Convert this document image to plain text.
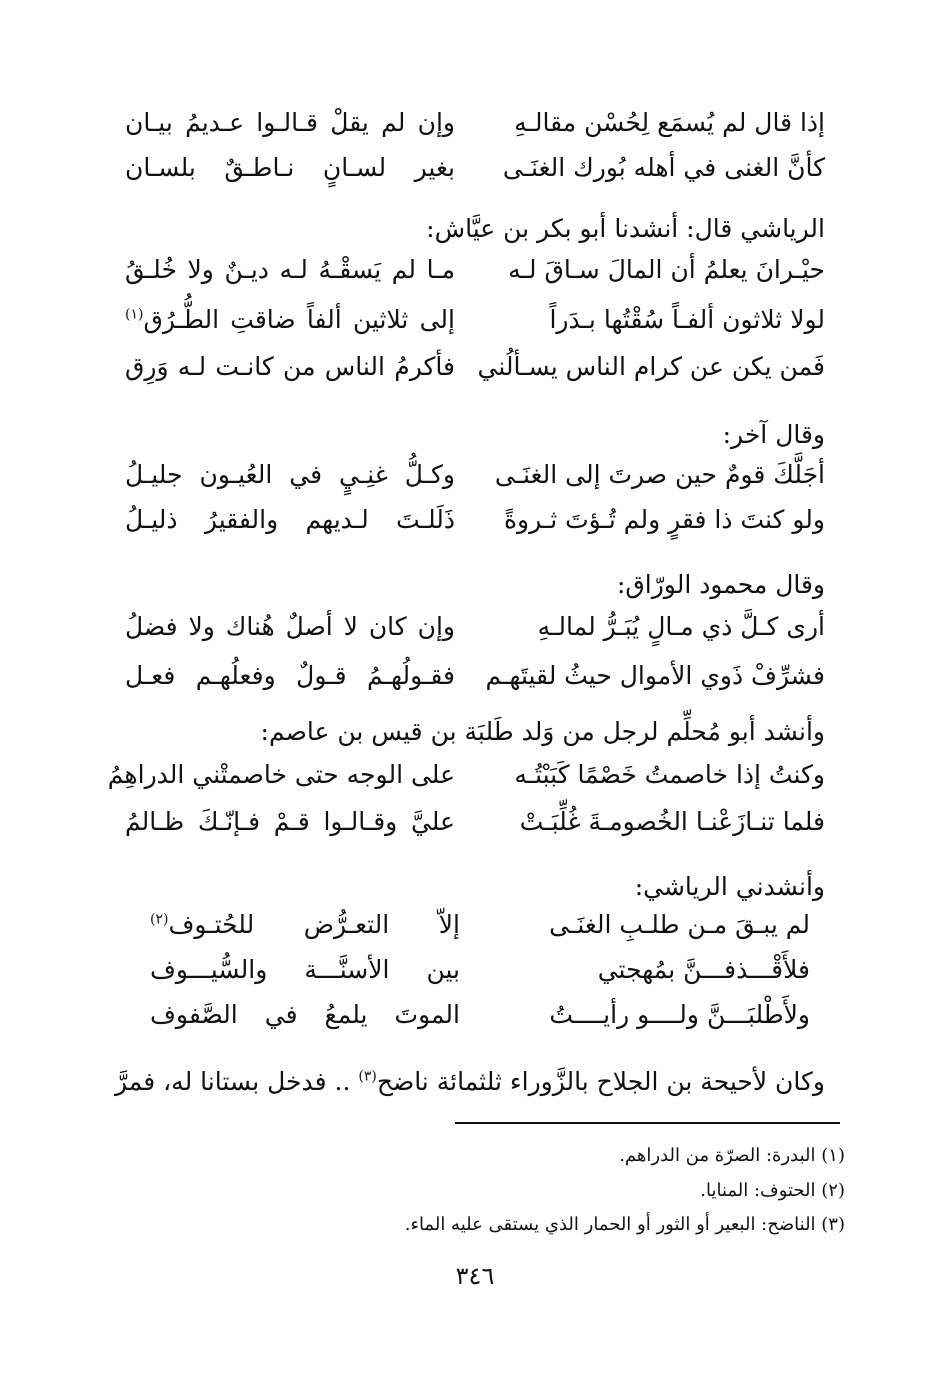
إذا قال لم يُسمَع لِحُسْن مقالـهِ
وإن لم يقلْ قـالـوا عـديمُ بيـان
كأنَّ الغنى في أهله بُورك الغنَـى
بغير لسـانٍ نـاطـقٌ بلسـان
الرياشي قال: أنشدنا أبو بكر بن عيَّاش:
حيْـرانَ يعلمُ أن المالَ سـاقَ لـه
مـا لم يَسقْـهُ لـه ديـنٌ ولا خُلـقُ
لولا ثلاثون ألفـاً سُقْتُها بـدَراً
إلى ثلاثين ألفاً ضاقتِ الطُّـرُق$^{(١)}$
فَمن يكن عن كرام الناس يسـألُني
فأكرمُ الناس من كانـت لـه وَرِق
وقال آخر:
أجَلَّكَ قومٌ حين صرتَ إلى الغنَـى
وكـلُّ غنِـيٍ في العُيـون جليـلُ
ولو كنتَ ذا فقرٍ ولم تُـؤتَ ثـروةً
ذَلَلـتَ لـديهم والفقيرُ ذليـلُ
وقال محمود الورّاق:
أرى كـلَّ ذي مـالٍ يُبَـرُّ لمالـهِ
وإن كان لا أصلٌ هُناك ولا فضلُ
فشرِّفْ ذَوي الأموال حيثُ لقيتَهـم
فقـولُهـمُ قـولٌ وفعلُهـم فعـل
وأنشد أبو مُحلِّم لرجل من وَلد طَلبَة بن قيس بن عاصم:
وكنتُ إذا خاصمتُ خَصْمًا كَبَبْتُـه
على الوجه حتى خاصمتْني الدراهِمُ
فلما تنـازَعْنـا الخُصومـةَ غُلِّبَـتْ
عليَّ وقـالـوا قـمْ فـإنّـكَ ظـالمُ
وأنشدني الرياشي:
لم يبـقَ مـن طلـبِ الغنَـى
إلاّ التعـرُّض للحُتـوف$^{(٢)}$
فلأَقْـــذفـــنَّ بمُهجتي
بين الأسنَّـــة والسُّيـــوف
ولأَطْلبَـــنَّ ولــــو رأيــــتُ
الموتَ يلمعُ في الصَّفوف
وكان لأحيحة بن الجلاح بالزَّوراء ثلثمائة ناضح$^{(٣)}$ .. فدخل بستانا له، فمرَّ
(١) البدرة: الصرّة من الدراهم.
(٢) الحتوف: المنايا.
(٣) الناضح: البعير أو الثور أو الحمار الذي يستقى عليه الماء.
٣٤٦
